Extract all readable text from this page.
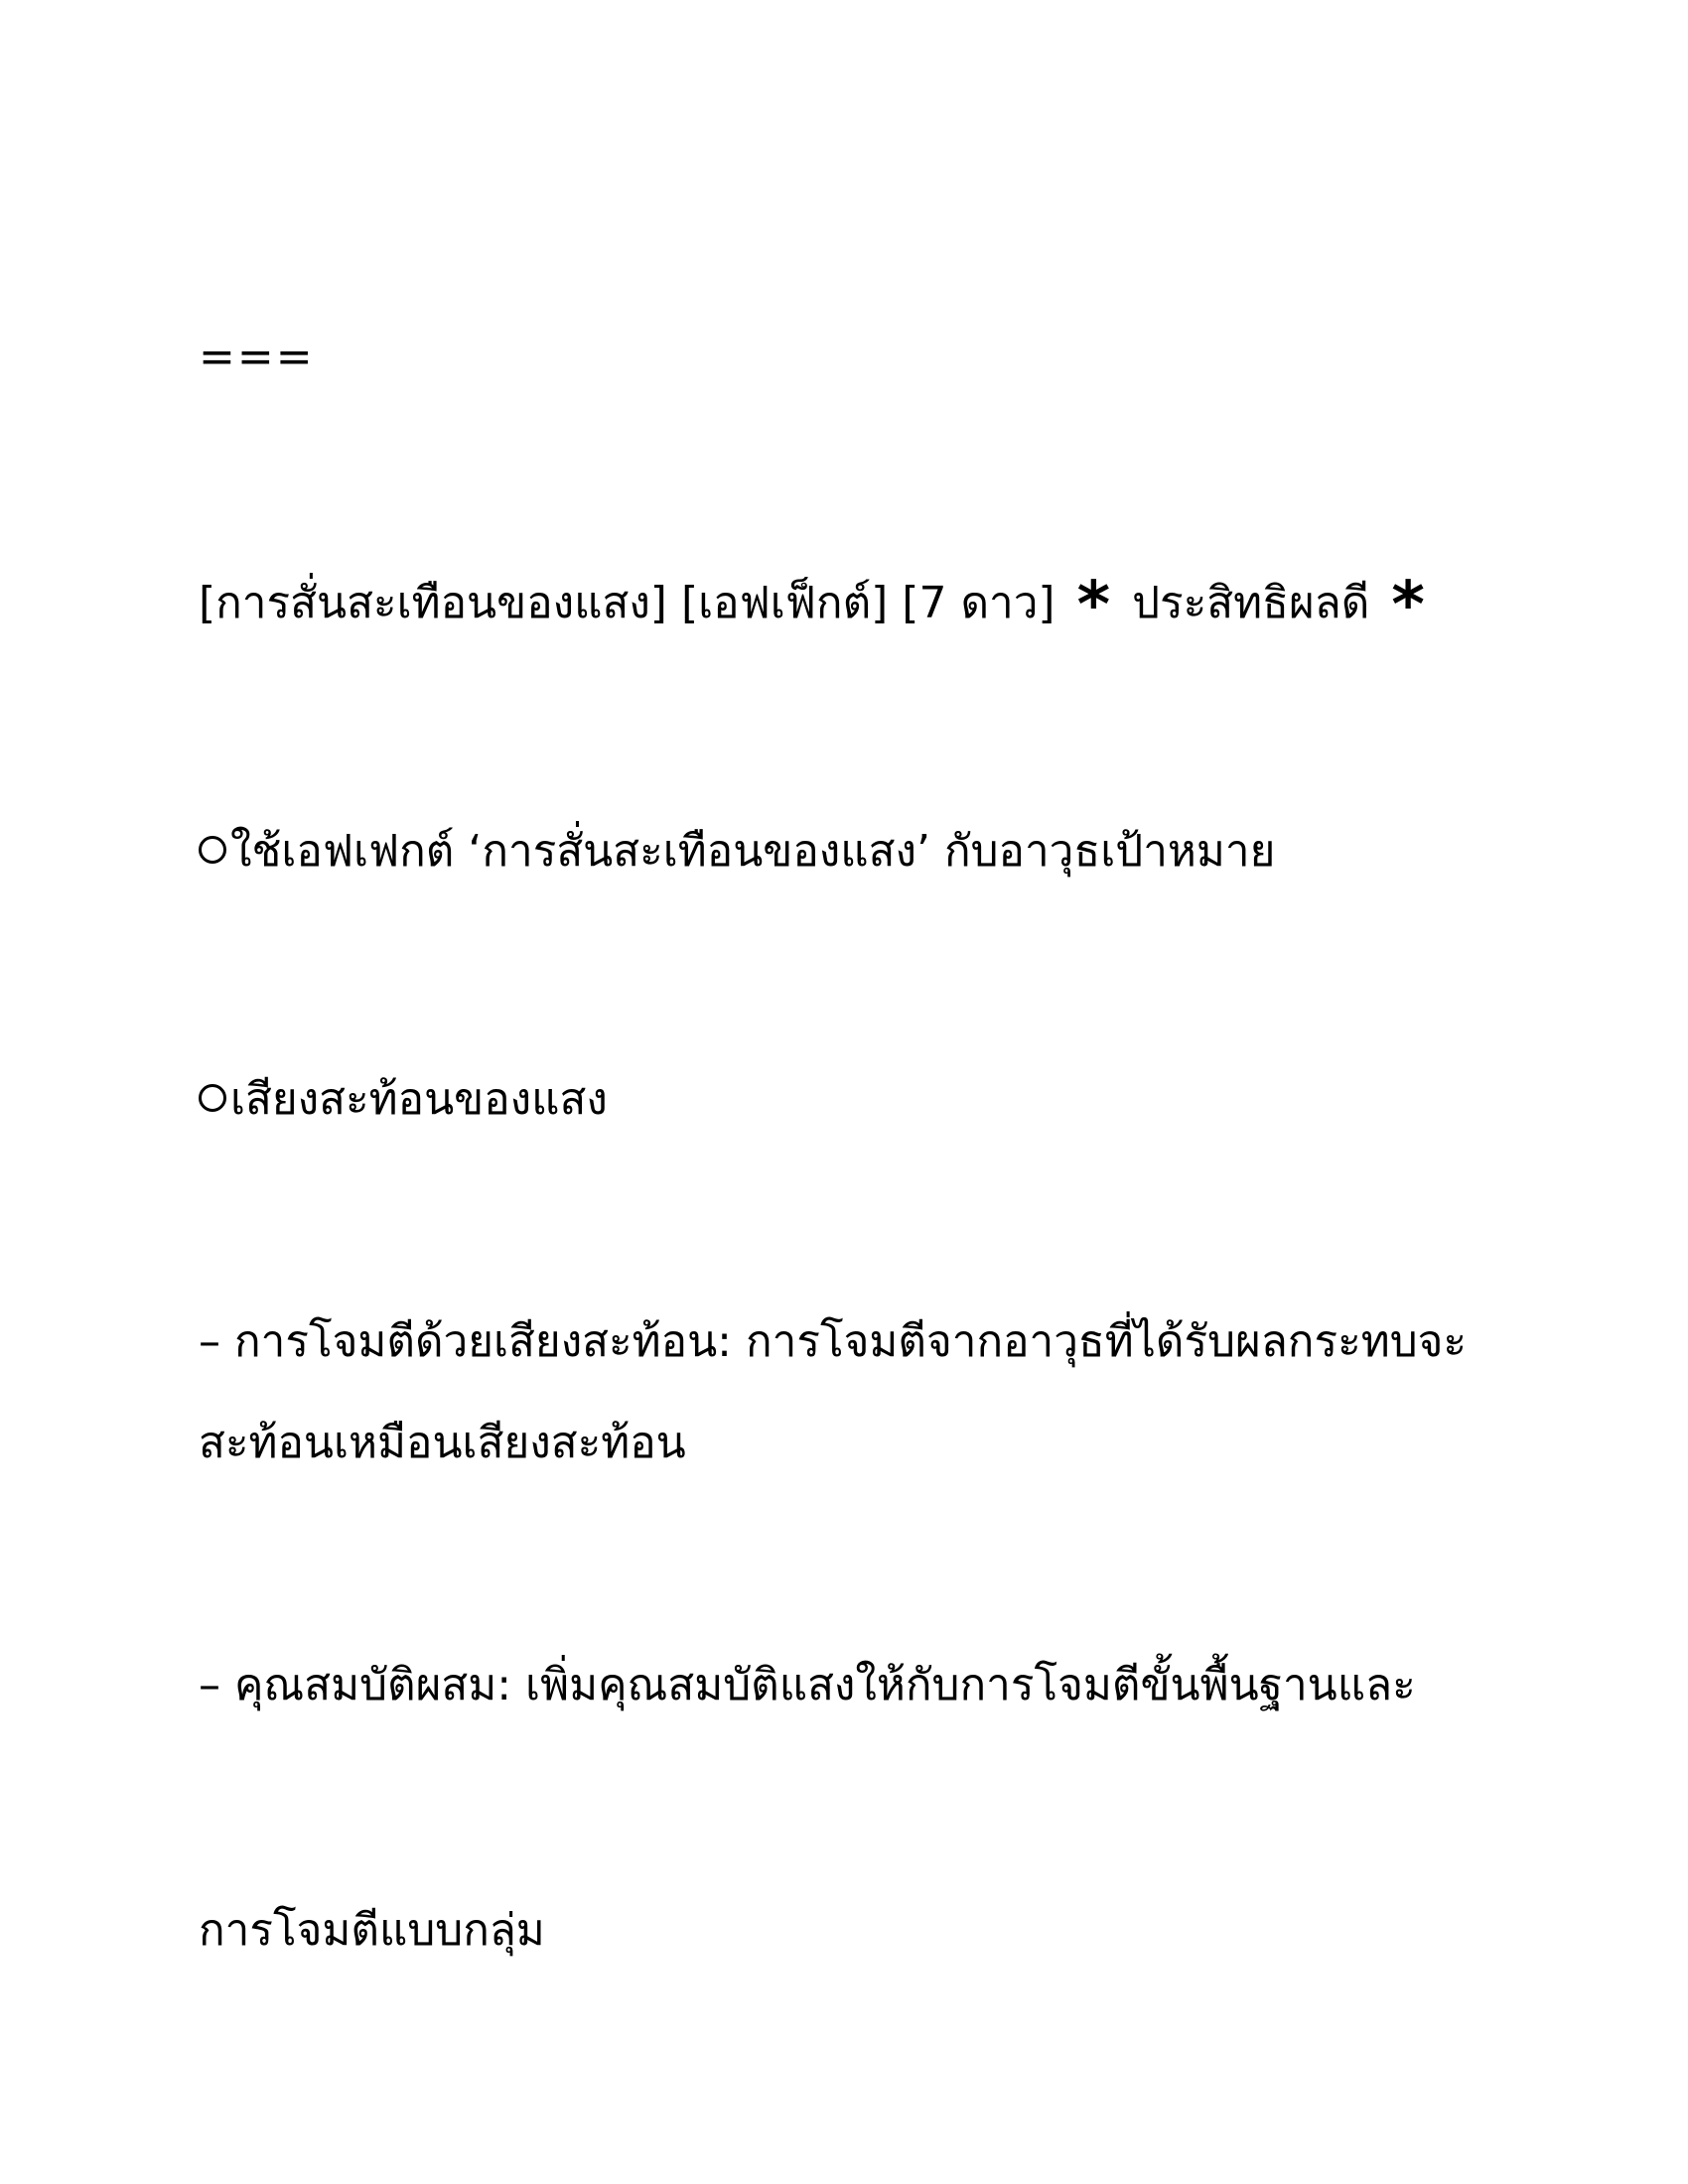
===
[การสั่นสะเทือนของแสง] [เอฟเฟ็กต์] [7 ดาว] * ประสิทธิผลดี *
ใช้เอฟเฟกต์ ‘การสั่นสะเทือนของแสง’ กับอาวุธเป้าหมาย
เสียงสะท้อนของแสง
– การโจมตีด้วยเสียงสะท้อน: การโจมตีจากอาวุธที่ได้รับผลกระทบจะ
สะท้อนเหมือนเสียงสะท้อน
– คุณสมบัติผสม: เพิ่มคุณสมบัติแสงให้กับการโจมตีขั้นพื้นฐานและ
การโจมตีแบบกลุ่ม
